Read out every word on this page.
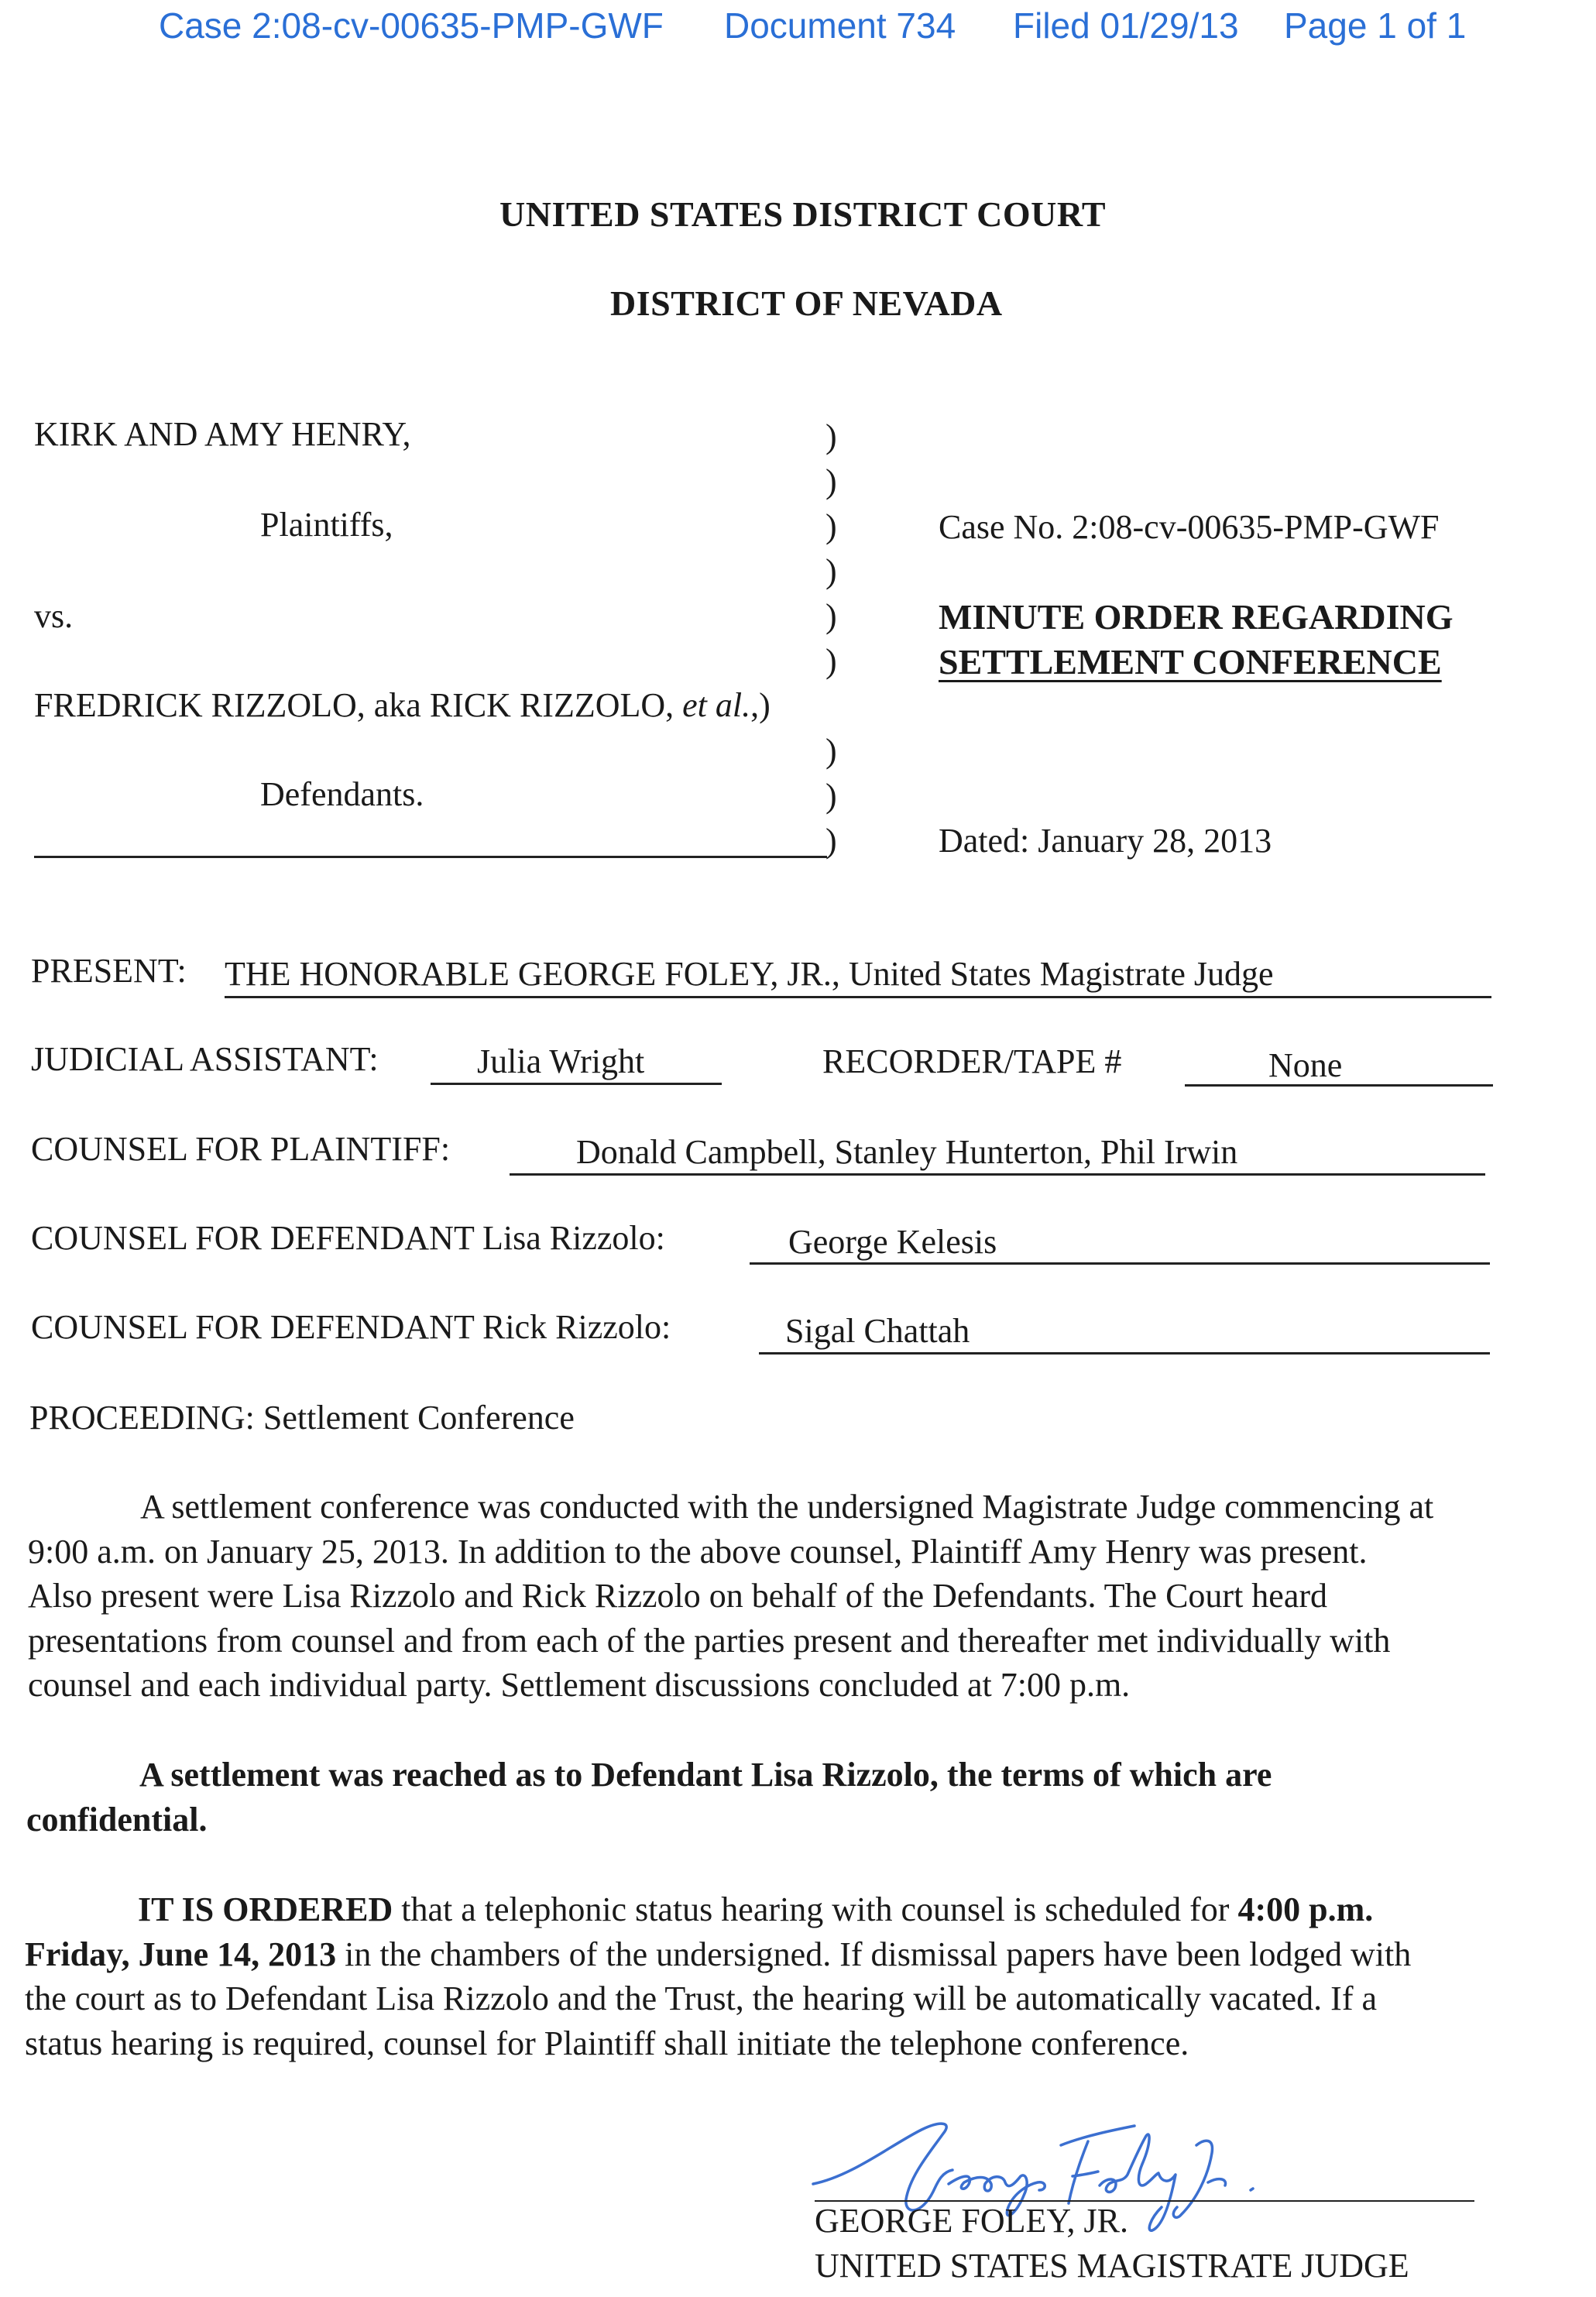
Case 2:08-cv-00635-PMP-GWF Document 734 Filed 01/29/13 Page 1 of 1
UNITED STATES DISTRICT COURT
DISTRICT OF NEVADA
KIRK AND AMY HENRY,
Plaintiffs,
vs.
FREDRICK RIZZOLO, aka RICK RIZZOLO, et al.,)
Defendants.
)
)
)
)
)
)
)
)
)
Case No. 2:08-cv-00635-PMP-GWF
MINUTE ORDER REGARDING
SETTLEMENT CONFERENCE
Dated: January 28, 2013
PRESENT: THE HONORABLE GEORGE FOLEY, JR., United States Magistrate Judge
JUDICIAL ASSISTANT:	Julia Wright	RECORDER/TAPE #	None
COUNSEL FOR PLAINTIFF:	Donald Campbell, Stanley Hunterton, Phil Irwin
COUNSEL FOR DEFENDANT Lisa Rizzolo:	George Kelesis
COUNSEL FOR DEFENDANT Rick Rizzolo:	Sigal Chattah
PROCEEDING: Settlement Conference
A settlement conference was conducted with the undersigned Magistrate Judge commencing at
9:00 a.m. on January 25, 2013. In addition to the above counsel, Plaintiff Amy Henry was present.
Also present were Lisa Rizzolo and Rick Rizzolo on behalf of the Defendants. The Court heard
presentations from counsel and from each of the parties present and thereafter met individually with
counsel and each individual party. Settlement discussions concluded at 7:00 p.m.
A settlement was reached as to Defendant Lisa Rizzolo, the terms of which are
confidential.
IT IS ORDERED that a telephonic status hearing with counsel is scheduled for 4:00 p.m.
Friday, June 14, 2013 in the chambers of the undersigned. If dismissal papers have been lodged with
the court as to Defendant Lisa Rizzolo and the Trust, the hearing will be automatically vacated. If a
status hearing is required, counsel for Plaintiff shall initiate the telephone conference.
GEORGE FOLEY, JR.
UNITED STATES MAGISTRATE JUDGE
